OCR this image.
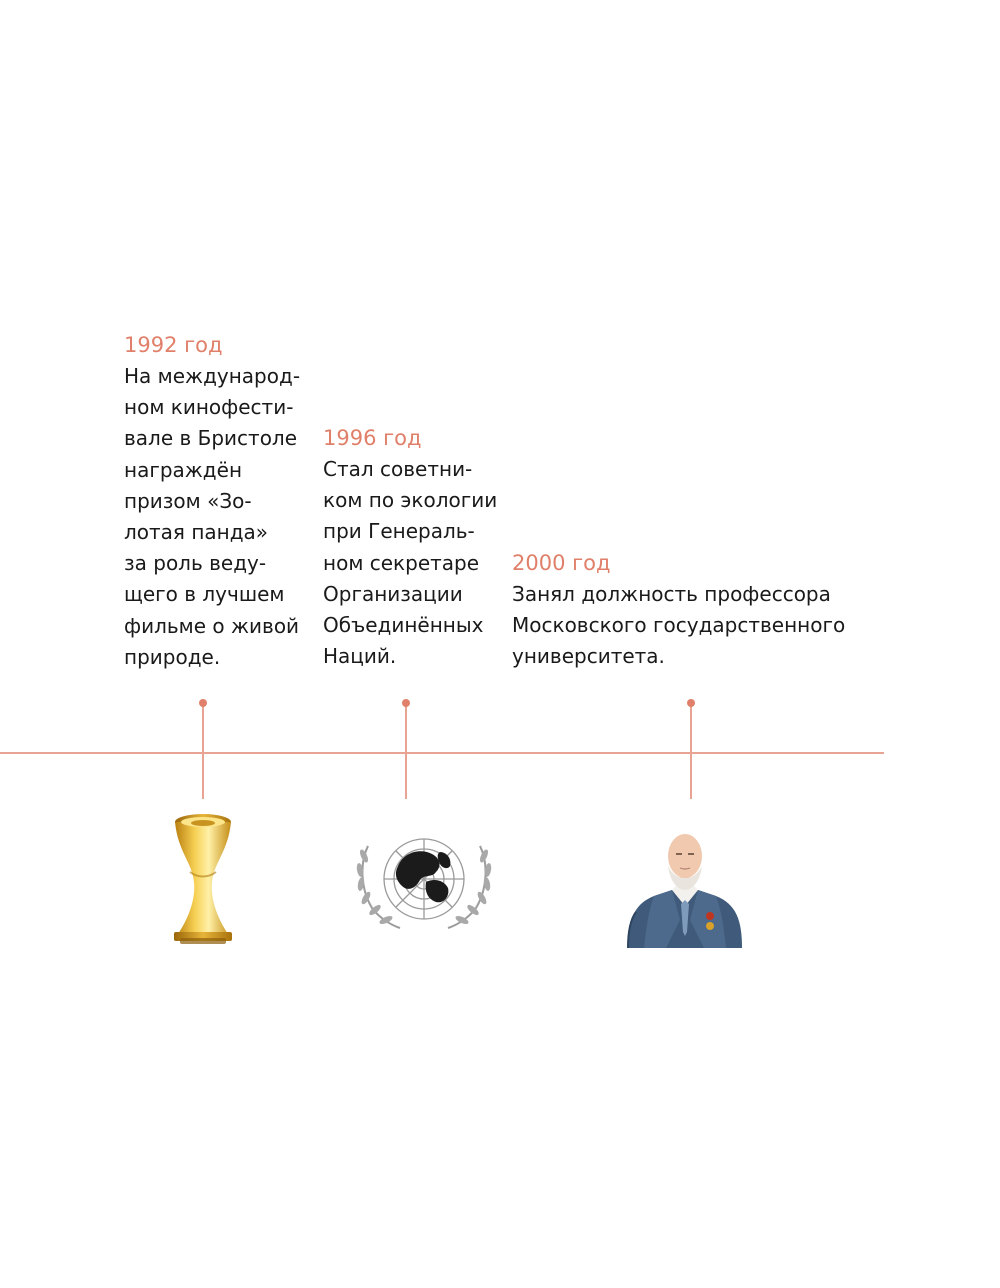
1992 год
На международ-
ном кинофести-
вале в Бристоле
награждён
призом «Зо-
лотая панда»
за роль веду-
щего в лучшем
фильме о живой
природе.
1996 год
Стал советни-
ком по экологии
при Генераль-
ном секретаре
Организации
Объединённых
Наций.
2000 год
Занял должность профессора
Московского государственного
университета.
